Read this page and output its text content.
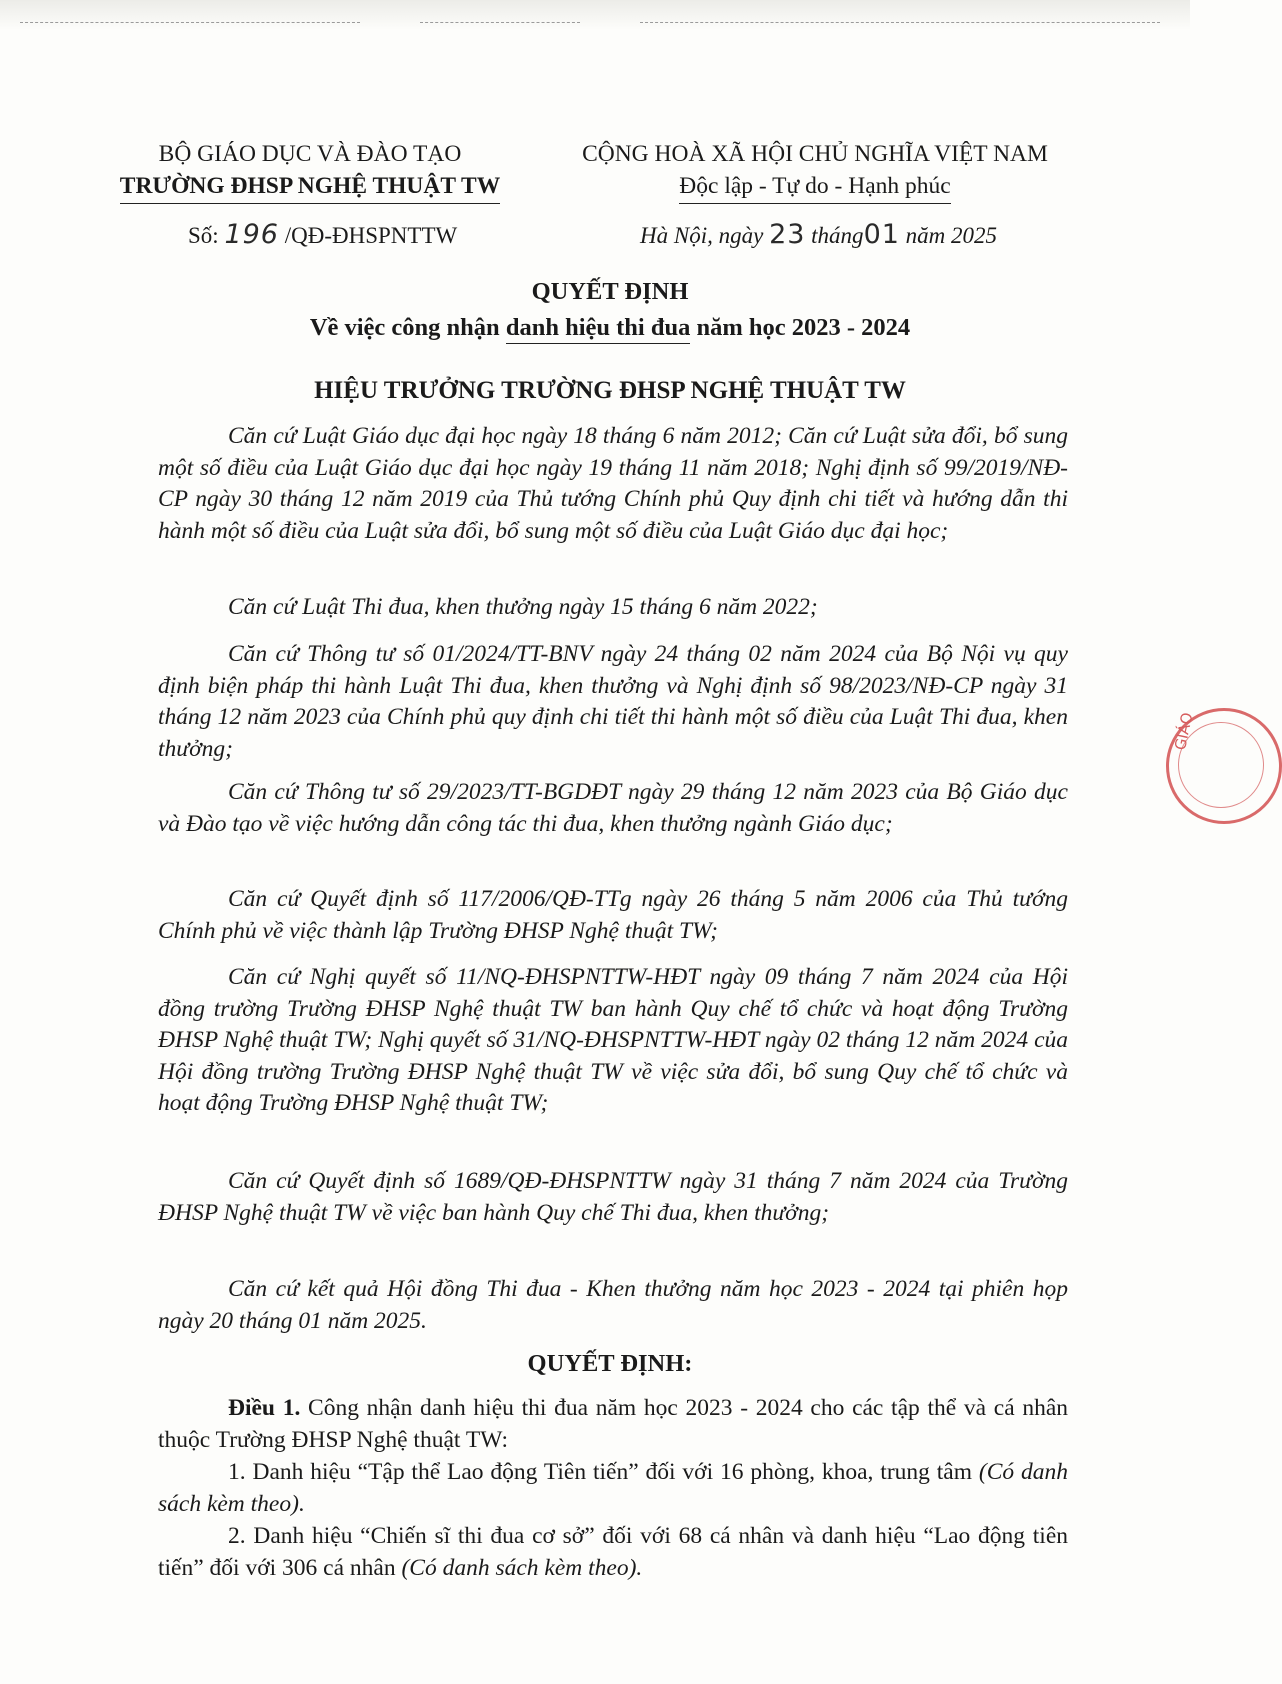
BỘ GIÁO DỤC VÀ ĐÀO TẠO
TRƯỜNG ĐHSP NGHỆ THUẬT TW
CỘNG HOÀ XÃ HỘI CHỦ NGHĨA VIỆT NAM
Độc lập - Tự do - Hạnh phúc
Số: 196 /QĐ-ĐHSPNTTW	Hà Nội, ngày 23 tháng01 năm 2025
QUYẾT ĐỊNH
Về việc công nhận danh hiệu thi đua năm học 2023 - 2024
HIỆU TRƯỞNG TRƯỜNG ĐHSP NGHỆ THUẬT TW
Căn cứ Luật Giáo dục đại học ngày 18 tháng 6 năm 2012; Căn cứ Luật sửa đổi, bổ sung một số điều của Luật Giáo dục đại học ngày 19 tháng 11 năm 2018; Nghị định số 99/2019/NĐ-CP ngày 30 tháng 12 năm 2019 của Thủ tướng Chính phủ Quy định chi tiết và hướng dẫn thi hành một số điều của Luật sửa đổi, bổ sung một số điều của Luật Giáo dục đại học;
Căn cứ Luật Thi đua, khen thưởng ngày 15 tháng 6 năm 2022;
Căn cứ Thông tư số 01/2024/TT-BNV ngày 24 tháng 02 năm 2024 của Bộ Nội vụ quy định biện pháp thi hành Luật Thi đua, khen thưởng và Nghị định số 98/2023/NĐ-CP ngày 31 tháng 12 năm 2023 của Chính phủ quy định chi tiết thi hành một số điều của Luật Thi đua, khen thưởng;
Căn cứ Thông tư số 29/2023/TT-BGDĐT ngày 29 tháng 12 năm 2023 của Bộ Giáo dục và Đào tạo về việc hướng dẫn công tác thi đua, khen thưởng ngành Giáo dục;
Căn cứ Quyết định số 117/2006/QĐ-TTg ngày 26 tháng 5 năm 2006 của Thủ tướng Chính phủ về việc thành lập Trường ĐHSP Nghệ thuật TW;
Căn cứ Nghị quyết số 11/NQ-ĐHSPNTTW-HĐT ngày 09 tháng 7 năm 2024 của Hội đồng trường Trường ĐHSP Nghệ thuật TW ban hành Quy chế tổ chức và hoạt động Trường ĐHSP Nghệ thuật TW; Nghị quyết số 31/NQ-ĐHSPNTTW-HĐT ngày 02 tháng 12 năm 2024 của Hội đồng trường Trường ĐHSP Nghệ thuật TW về việc sửa đổi, bổ sung Quy chế tổ chức và hoạt động Trường ĐHSP Nghệ thuật TW;
Căn cứ Quyết định số 1689/QĐ-ĐHSPNTTW ngày 31 tháng 7 năm 2024 của Trường ĐHSP Nghệ thuật TW về việc ban hành Quy chế Thi đua, khen thưởng;
Căn cứ kết quả Hội đồng Thi đua - Khen thưởng năm học 2023 - 2024 tại phiên họp ngày 20 tháng 01 năm 2025.
QUYẾT ĐỊNH:
Điều 1. Công nhận danh hiệu thi đua năm học 2023 - 2024 cho các tập thể và cá nhân thuộc Trường ĐHSP Nghệ thuật TW:
1. Danh hiệu “Tập thể Lao động Tiên tiến” đối với 16 phòng, khoa, trung tâm (Có danh sách kèm theo).
2. Danh hiệu “Chiến sĩ thi đua cơ sở” đối với 68 cá nhân và danh hiệu “Lao động tiên tiến” đối với 306 cá nhân (Có danh sách kèm theo).
GIÁO
